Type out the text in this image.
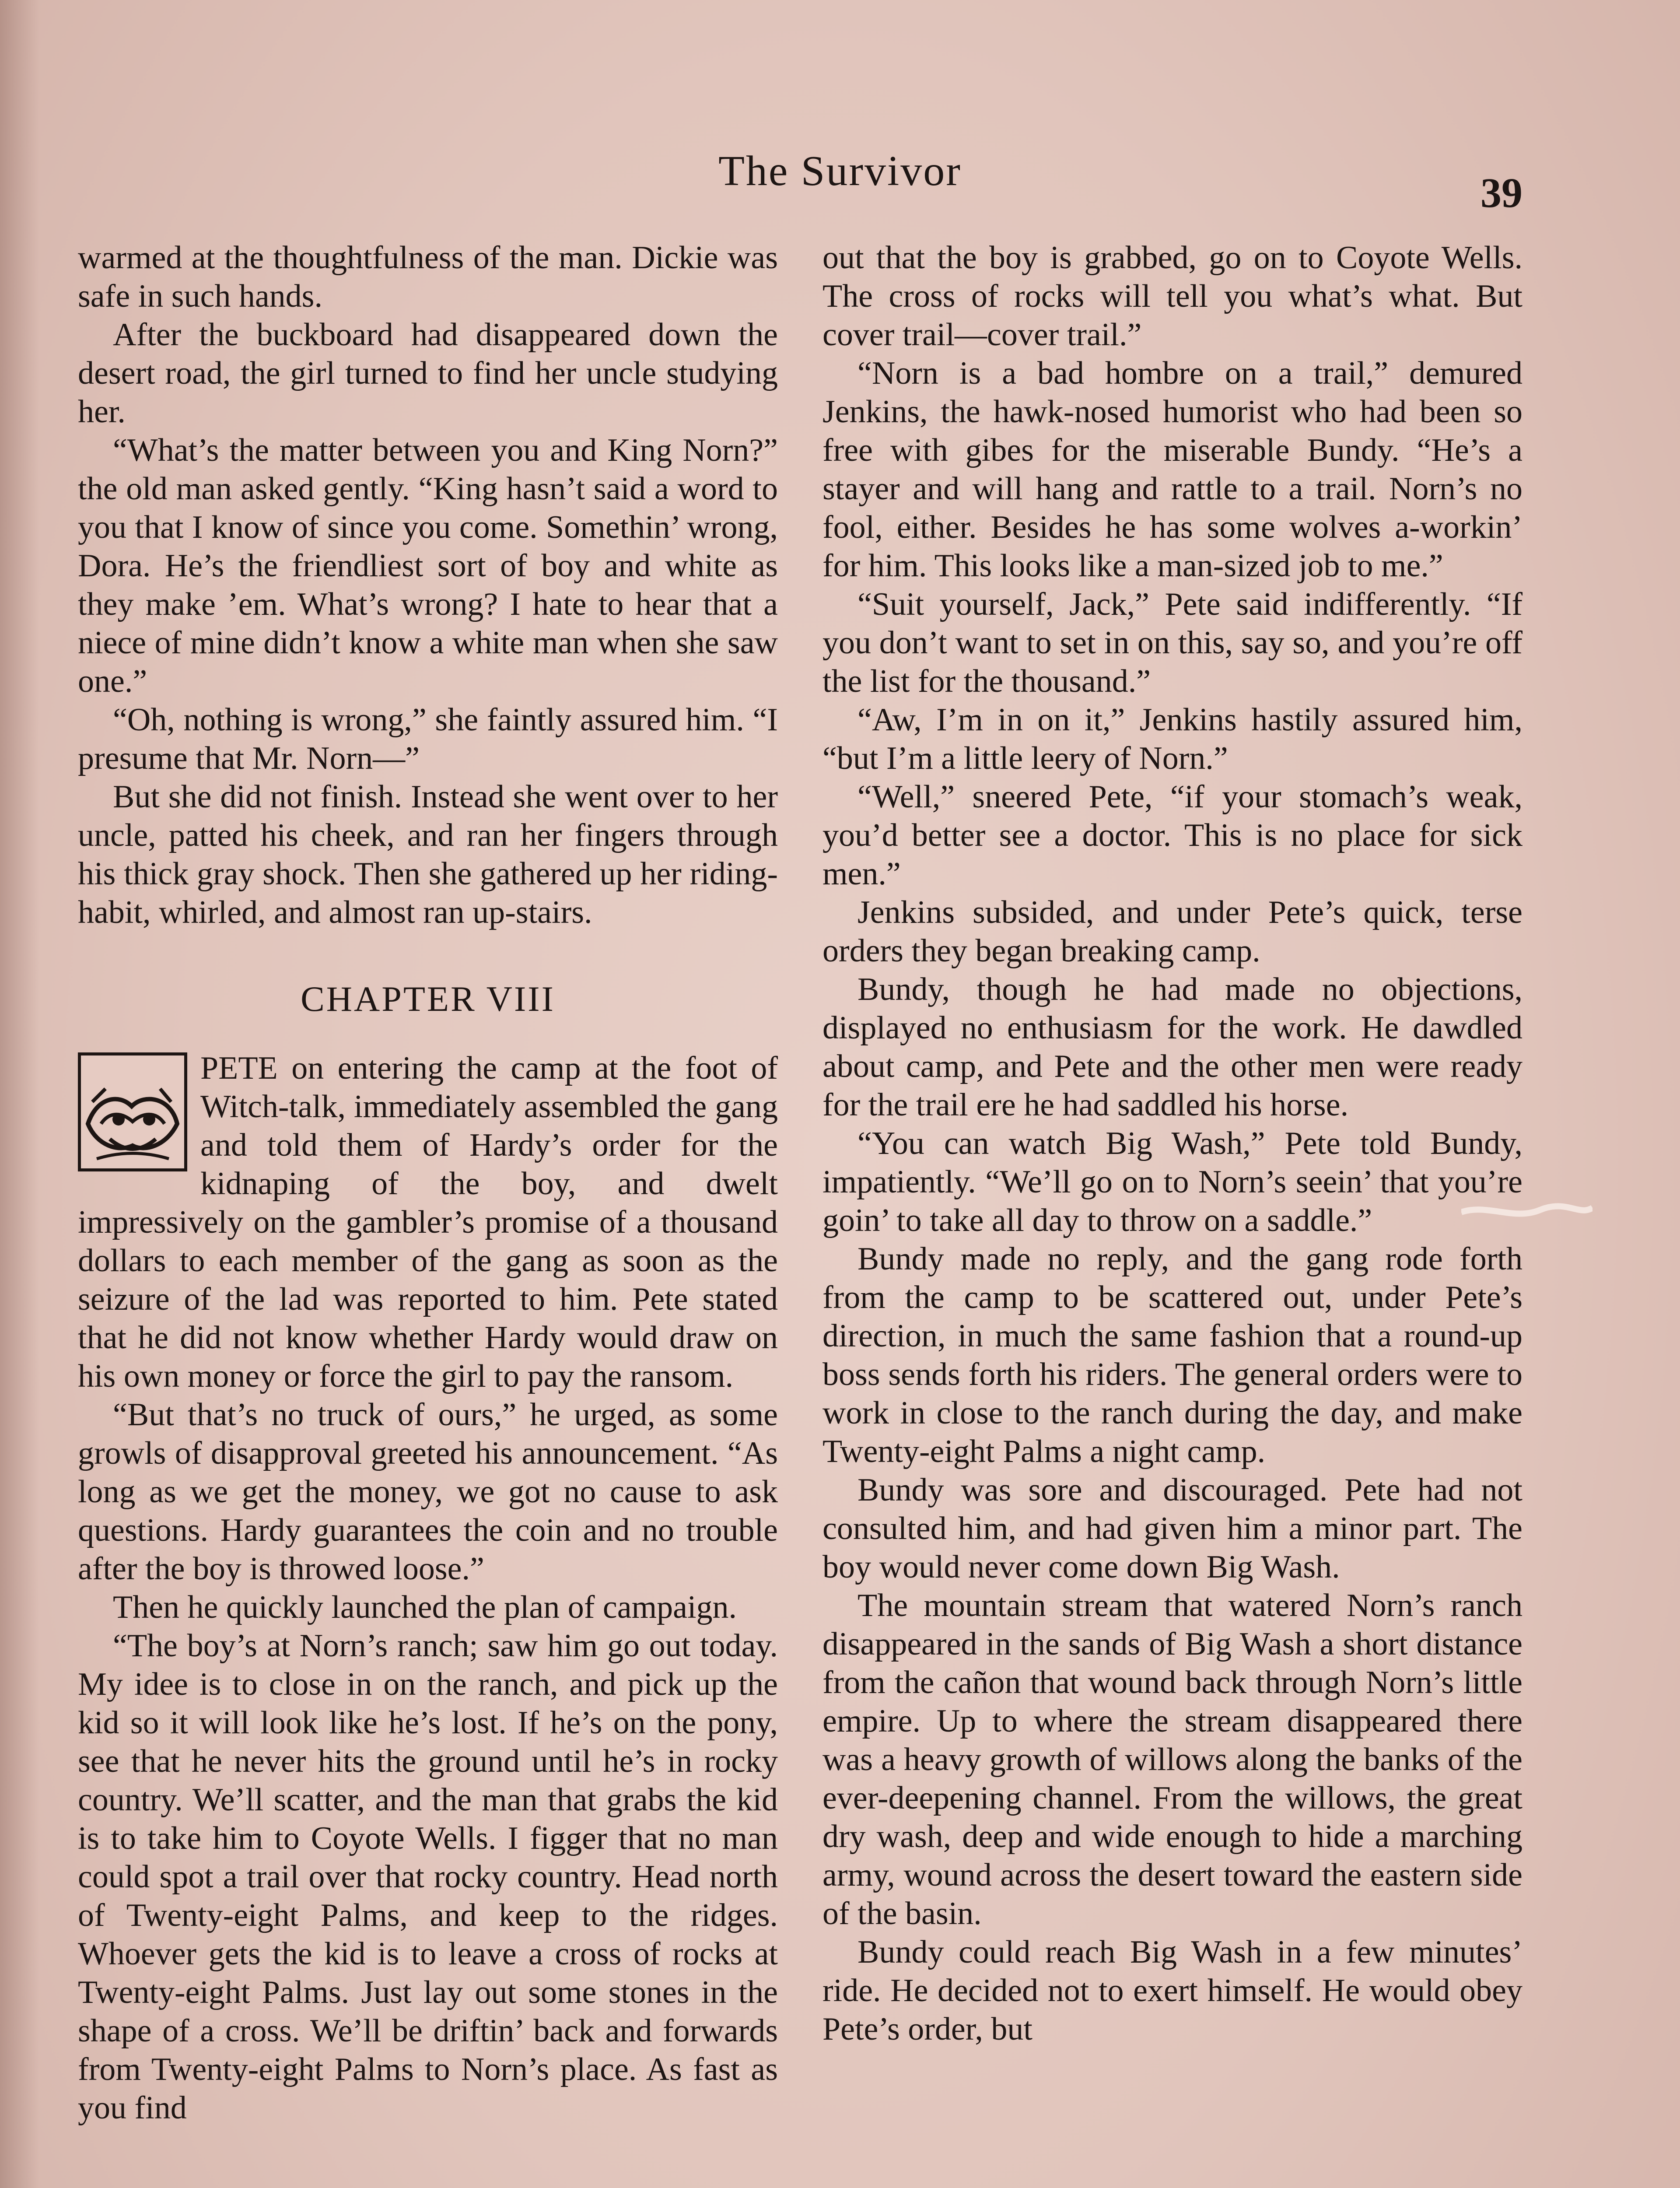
The Survivor	39

warmed at the thoughtfulness of the man. Dickie was safe in such hands.

After the buckboard had disappeared down the desert road, the girl turned to find her uncle studying her.

“What’s the matter between you and King Norn?” the old man asked gently. “King hasn’t said a word to you that I know of since you come. Somethin’ wrong, Dora. He’s the friendliest sort of boy and white as they make ’em. What’s wrong? I hate to hear that a niece of mine didn’t know a white man when she saw one.”

“Oh, nothing is wrong,” she faintly assured him. “I presume that Mr. Norn—”

But she did not finish. Instead she went over to her uncle, patted his cheek, and ran her fingers through his thick gray shock. Then she gathered up her riding-habit, whirled, and almost ran up-stairs.

CHAPTER VIII

PETE on entering the camp at the foot of Witch-talk, immediately assembled the gang and told them of Hardy’s order for the kidnaping of the boy, and dwelt impressively on the gambler’s promise of a thousand dollars to each member of the gang as soon as the seizure of the lad was reported to him. Pete stated that he did not know whether Hardy would draw on his own money or force the girl to pay the ransom.

“But that’s no truck of ours,” he urged, as some growls of disapproval greeted his announcement. “As long as we get the money, we got no cause to ask questions. Hardy guarantees the coin and no trouble after the boy is throwed loose.”

Then he quickly launched the plan of campaign.

“The boy’s at Norn’s ranch; saw him go out today. My idee is to close in on the ranch, and pick up the kid so it will look like he’s lost. If he’s on the pony, see that he never hits the ground until he’s in rocky country. We’ll scatter, and the man that grabs the kid is to take him to Coyote Wells. I figger that no man could spot a trail over that rocky country. Head north of Twenty-eight Palms, and keep to the ridges. Whoever gets the kid is to leave a cross of rocks at Twenty-eight Palms. Just lay out some stones in the shape of a cross. We’ll be driftin’ back and forwards from Twenty-eight Palms to Norn’s place. As fast as you find

out that the boy is grabbed, go on to Coyote Wells. The cross of rocks will tell you what’s what. But cover trail—cover trail.”

“Norn is a bad hombre on a trail,” demured Jenkins, the hawk-nosed humorist who had been so free with gibes for the miserable Bundy. “He’s a stayer and will hang and rattle to a trail. Norn’s no fool, either. Besides he has some wolves a-workin’ for him. This looks like a man-sized job to me.”

“Suit yourself, Jack,” Pete said indifferently. “If you don’t want to set in on this, say so, and you’re off the list for the thousand.”

“Aw, I’m in on it,” Jenkins hastily assured him, “but I’m a little leery of Norn.”

“Well,” sneered Pete, “if your stomach’s weak, you’d better see a doctor. This is no place for sick men.”

Jenkins subsided, and under Pete’s quick, terse orders they began breaking camp.

Bundy, though he had made no objections, displayed no enthusiasm for the work. He dawdled about camp, and Pete and the other men were ready for the trail ere he had saddled his horse.

“You can watch Big Wash,” Pete told Bundy, impatiently. “We’ll go on to Norn’s seein’ that you’re goin’ to take all day to throw on a saddle.”

Bundy made no reply, and the gang rode forth from the camp to be scattered out, under Pete’s direction, in much the same fashion that a round-up boss sends forth his riders. The general orders were to work in close to the ranch during the day, and make Twenty-eight Palms a night camp.

Bundy was sore and discouraged. Pete had not consulted him, and had given him a minor part. The boy would never come down Big Wash.

The mountain stream that watered Norn’s ranch disappeared in the sands of Big Wash a short distance from the cañon that wound back through Norn’s little empire. Up to where the stream disappeared there was a heavy growth of willows along the banks of the ever-deepening channel. From the willows, the great dry wash, deep and wide enough to hide a marching army, wound across the desert toward the eastern side of the basin.

Bundy could reach Big Wash in a few minutes’ ride. He decided not to exert himself. He would obey Pete’s order, but
